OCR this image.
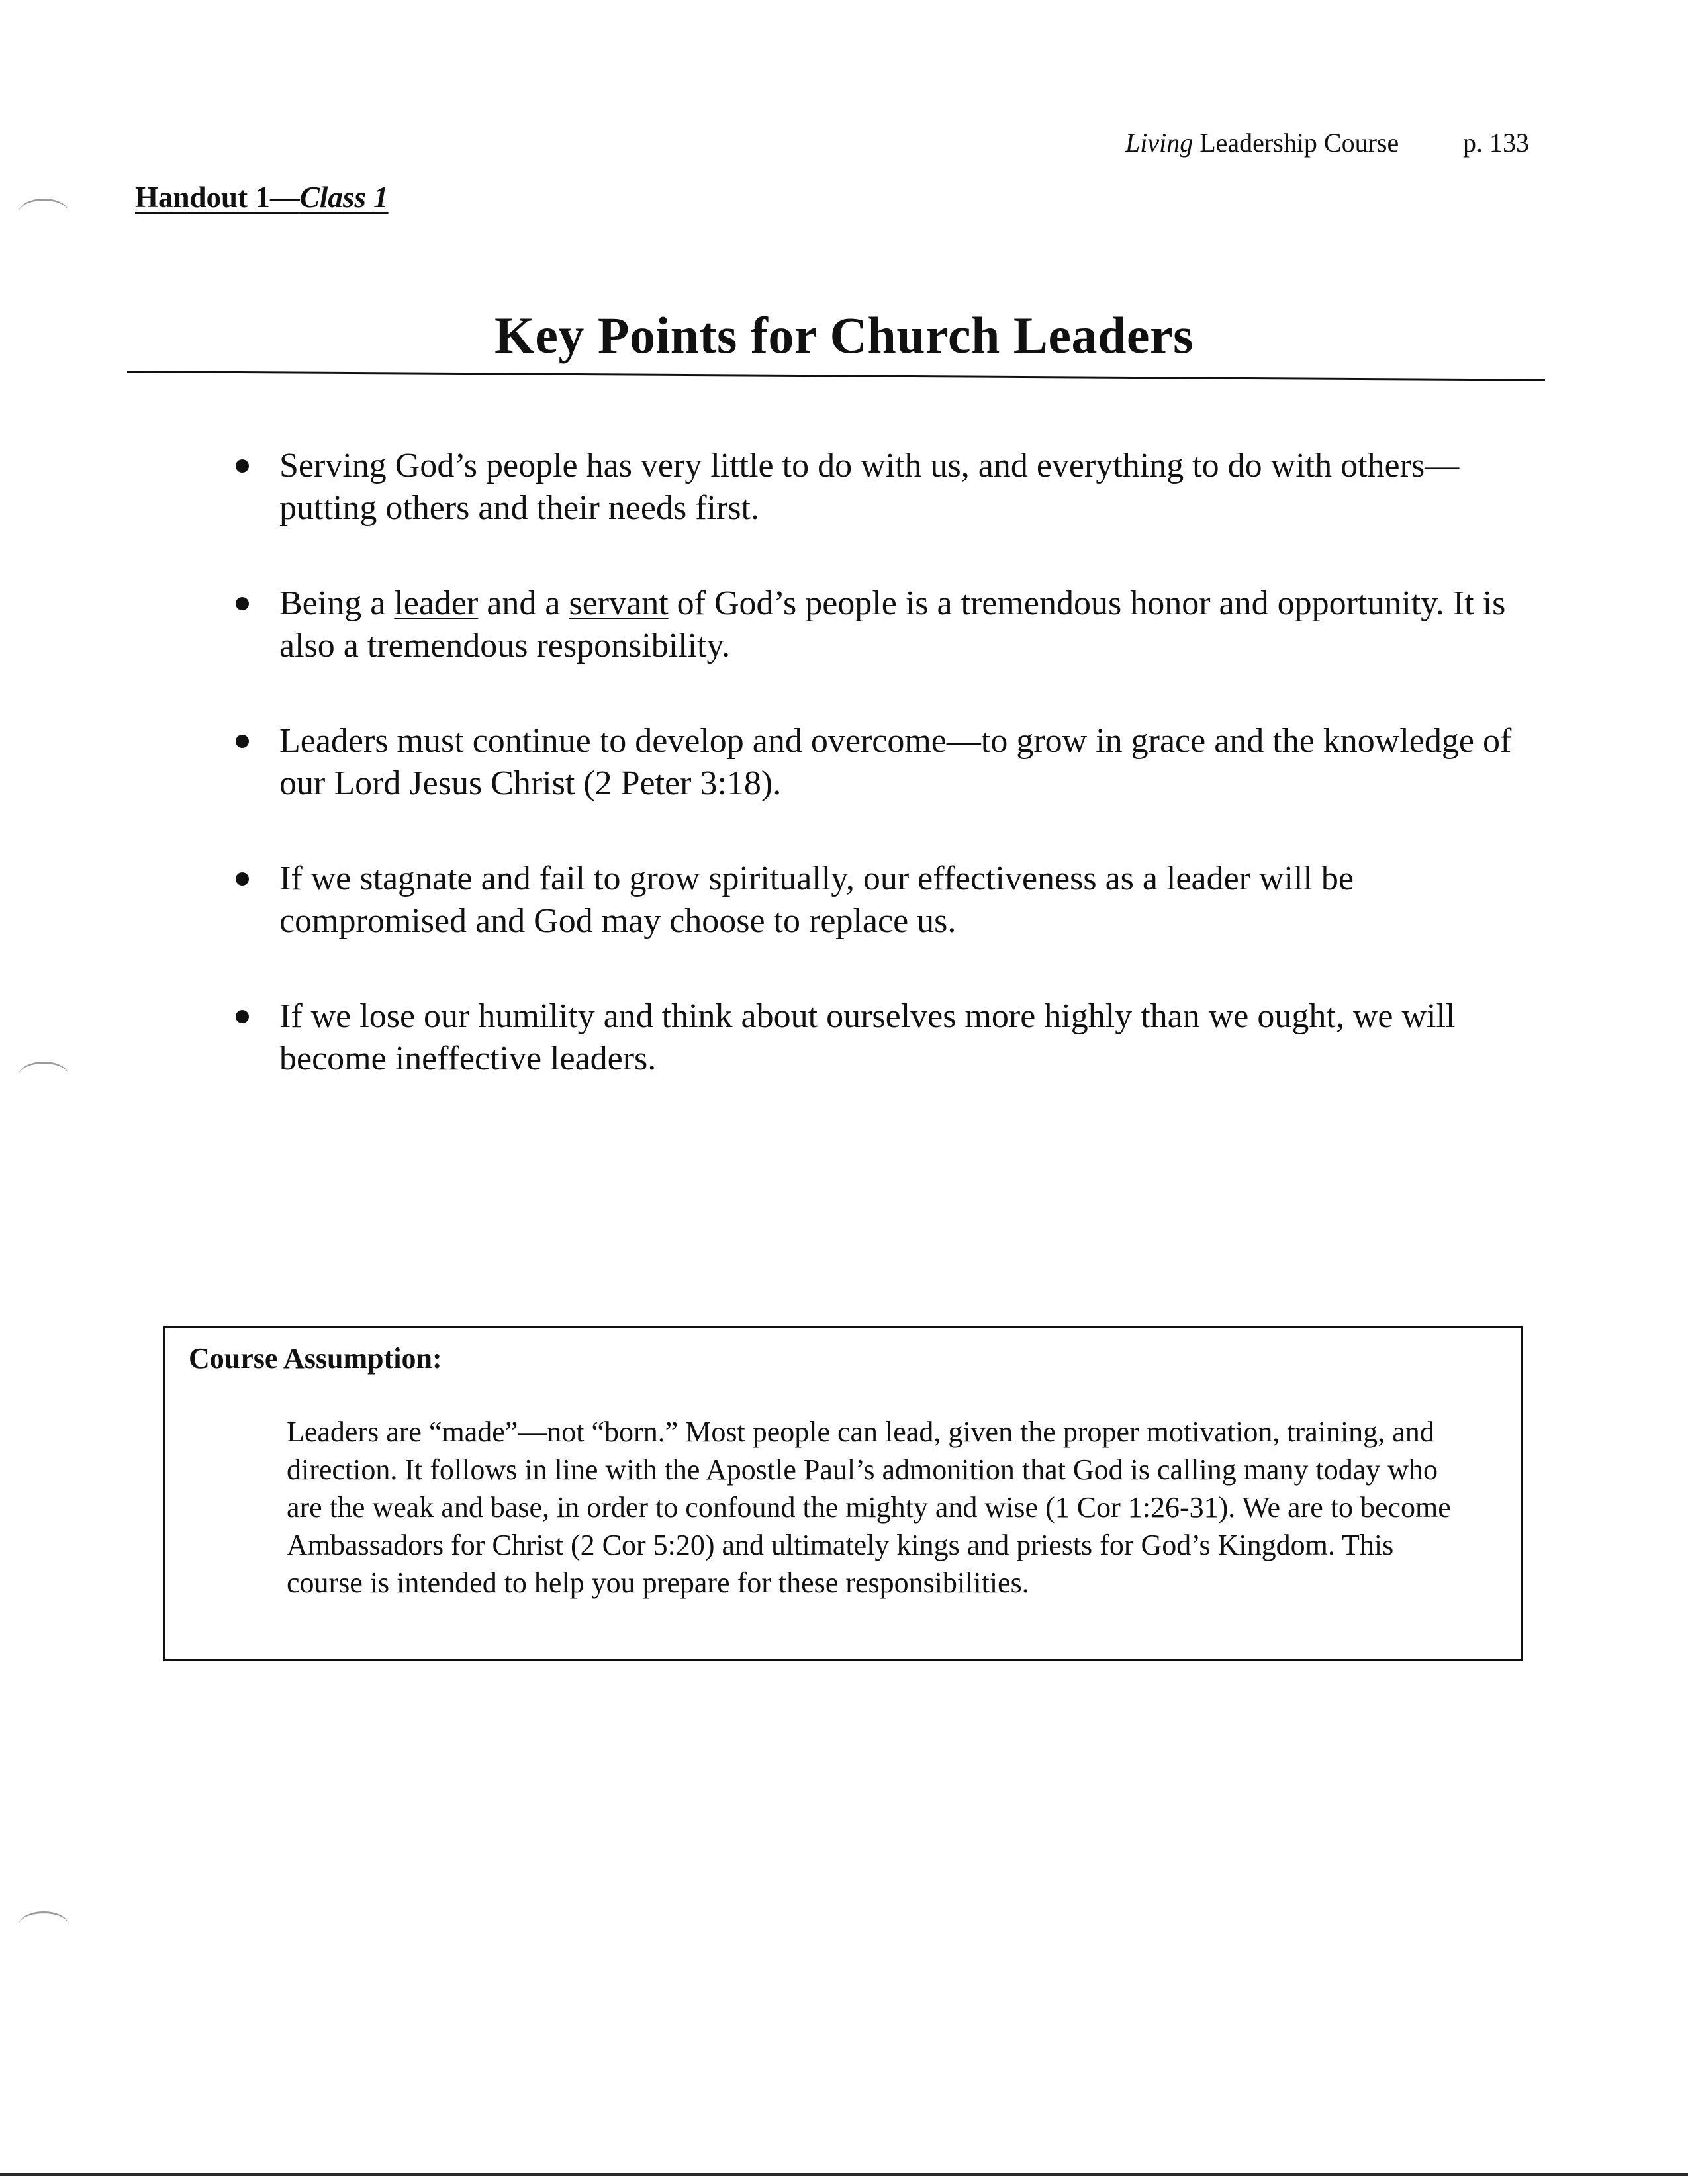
Living Leadership Course p. 133
Handout 1—Class 1
Key Points for Church Leaders
Serving God’s people has very little to do with us, and everything to do with others—putting others and their needs first.
Being a leader and a servant of God’s people is a tremendous honor and opportunity. It is also a tremendous responsibility.
Leaders must continue to develop and overcome—to grow in grace and the knowledge of our Lord Jesus Christ (2 Peter 3:18).
If we stagnate and fail to grow spiritually, our effectiveness as a leader will be compromised and God may choose to replace us.
If we lose our humility and think about ourselves more highly than we ought, we will become ineffective leaders.
Course Assumption:
Leaders are “made”—not “born.” Most people can lead, given the proper motivation, training, and direction. It follows in line with the Apostle Paul’s admonition that God is calling many today who are the weak and base, in order to confound the mighty and wise (1 Cor 1:26-31). We are to become Ambassadors for Christ (2 Cor 5:20) and ultimately kings and priests for God’s Kingdom. This course is intended to help you prepare for these responsibilities.
